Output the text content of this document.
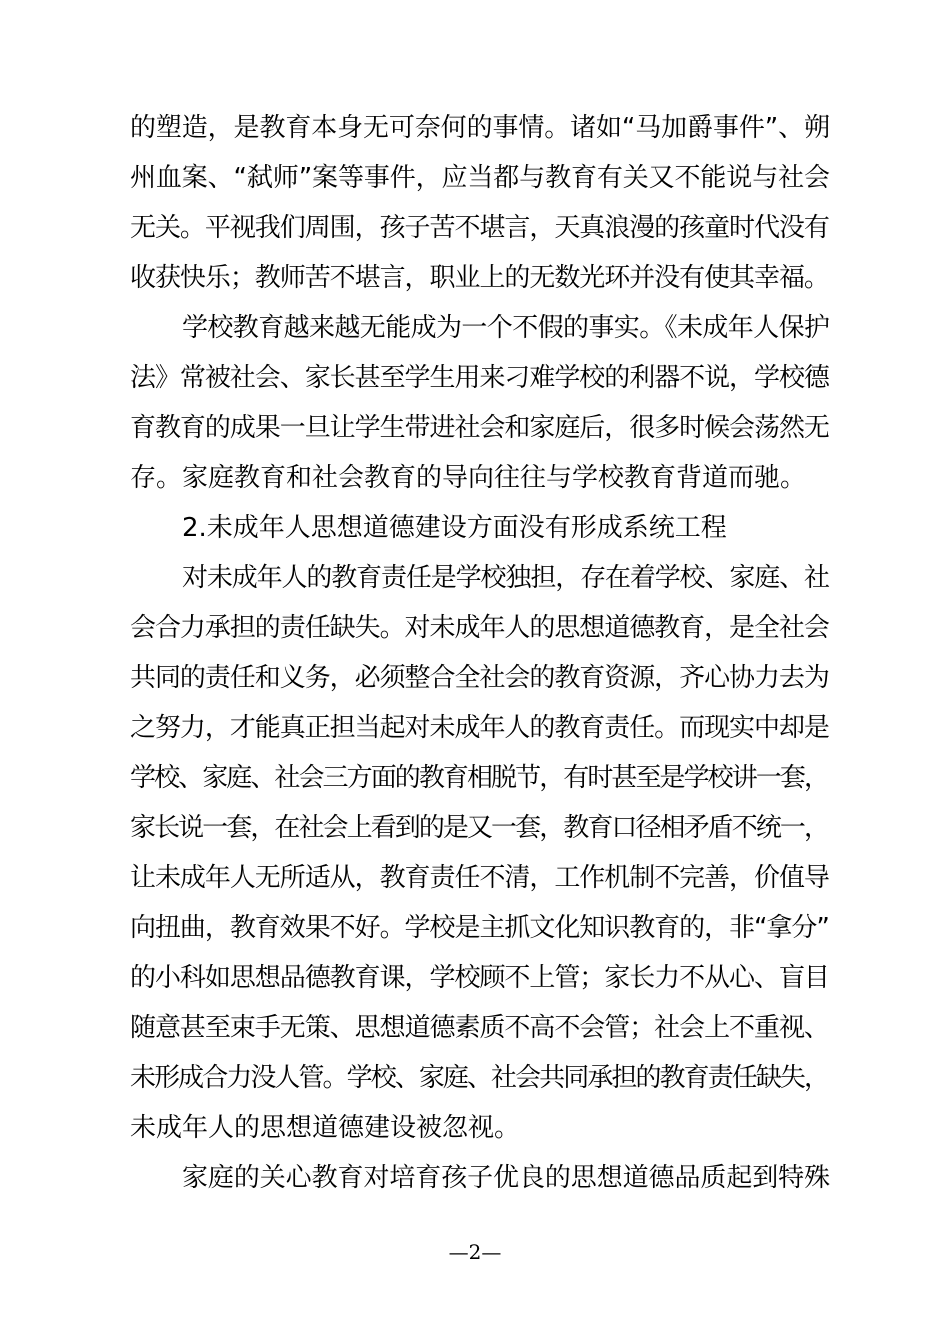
的塑造，是教育本身无可奈何的事情。诸如“马加爵事件”、朔
州血案、“弑师”案等事件，应当都与教育有关又不能说与社会
无关。平视我们周围，孩子苦不堪言，天真浪漫的孩童时代没有
收获快乐；教师苦不堪言，职业上的无数光环并没有使其幸福。
学校教育越来越无能成为一个不假的事实。《未成年人保护
法》常被社会、家长甚至学生用来刁难学校的利器不说，学校德
育教育的成果一旦让学生带进社会和家庭后，很多时候会荡然无
存。家庭教育和社会教育的导向往往与学校教育背道而驰。
2.未成年人思想道德建设方面没有形成系统工程
对未成年人的教育责任是学校独担，存在着学校、家庭、社
会合力承担的责任缺失。对未成年人的思想道德教育，是全社会
共同的责任和义务，必须整合全社会的教育资源，齐心协力去为
之努力，才能真正担当起对未成年人的教育责任。而现实中却是
学校、家庭、社会三方面的教育相脱节，有时甚至是学校讲一套，
家长说一套，在社会上看到的是又一套，教育口径相矛盾不统一，
让未成年人无所适从，教育责任不清，工作机制不完善，价值导
向扭曲，教育效果不好。学校是主抓文化知识教育的，非“拿分”
的小科如思想品德教育课，学校顾不上管；家长力不从心、盲目
随意甚至束手无策、思想道德素质不高不会管；社会上不重视、
未形成合力没人管。学校、家庭、社会共同承担的教育责任缺失，
未成年人的思想道德建设被忽视。
家庭的关心教育对培育孩子优良的思想道德品质起到特殊
—2—
